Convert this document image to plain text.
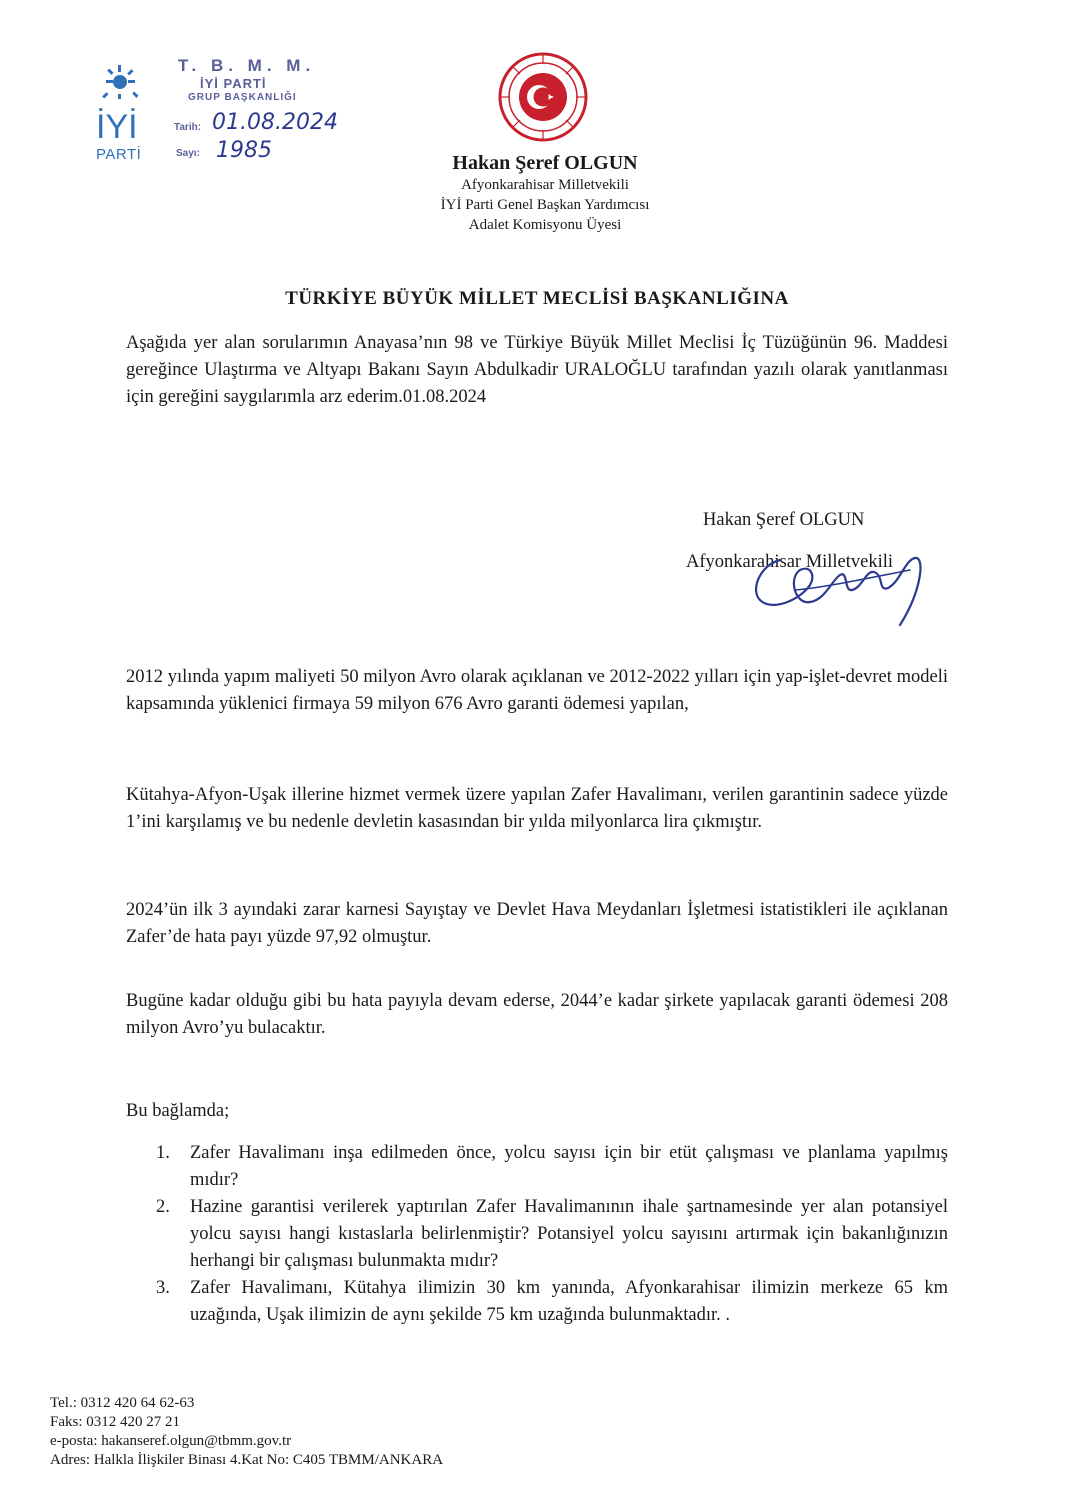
İYİ
PARTİ
T. B. M. M.
İYİ PARTİ
GRUP BAŞKANLIĞI
Tarih: 01.08.2024
Sayı: 1985	Hakan Şeref OLGUN
Afyonkarahisar Milletvekili
İYİ Parti Genel Başkan Yardımcısı
Adalet Komisyonu Üyesi
TÜRKİYE BÜYÜK MİLLET MECLİSİ BAŞKANLIĞINA
Aşağıda yer alan sorularımın Anayasa’nın 98 ve Türkiye Büyük Millet Meclisi İç Tüzüğünün 96. Maddesi gereğince Ulaştırma ve Altyapı Bakanı Sayın Abdulkadir URALOĞLU tarafından yazılı olarak yanıtlanması için gereğini saygılarımla arz ederim.01.08.2024
Hakan Şeref OLGUN
Afyonkarahisar Milletvekili
2012 yılında yapım maliyeti 50 milyon Avro olarak açıklanan ve 2012-2022 yılları için yap-işlet-devret modeli kapsamında yüklenici firmaya 59 milyon 676 Avro garanti ödemesi yapılan,
Kütahya-Afyon-Uşak illerine hizmet vermek üzere yapılan Zafer Havalimanı, verilen garantinin sadece yüzde 1’ini karşılamış ve bu nedenle devletin kasasından bir yılda milyonlarca lira çıkmıştır.
2024’ün ilk 3 ayındaki zarar karnesi Sayıştay ve Devlet Hava Meydanları İşletmesi istatistikleri ile açıklanan Zafer’de hata payı yüzde 97,92 olmuştur.
Bugüne kadar olduğu gibi bu hata payıyla devam ederse, 2044’e kadar şirkete yapılacak garanti ödemesi 208 milyon Avro’yu bulacaktır.
Bu bağlamda;
1.	Zafer Havalimanı inşa edilmeden önce, yolcu sayısı için bir etüt çalışması ve planlama yapılmış mıdır?
2.	Hazine garantisi verilerek yaptırılan Zafer Havalimanının ihale şartnamesinde yer alan potansiyel yolcu sayısı hangi kıstaslarla belirlenmiştir? Potansiyel yolcu sayısını artırmak için bakanlığınızın herhangi bir çalışması bulunmakta mıdır?
3.	Zafer Havalimanı, Kütahya ilimizin 30 km yanında, Afyonkarahisar ilimizin merkeze 65 km uzağında, Uşak ilimizin de aynı şekilde 75 km uzağında bulunmaktadır. .
Tel.: 0312 420 64 62-63
Faks: 0312 420 27 21
e-posta: hakanseref.olgun@tbmm.gov.tr
Adres: Halkla İlişkiler Binası 4.Kat No: C405 TBMM/ANKARA
